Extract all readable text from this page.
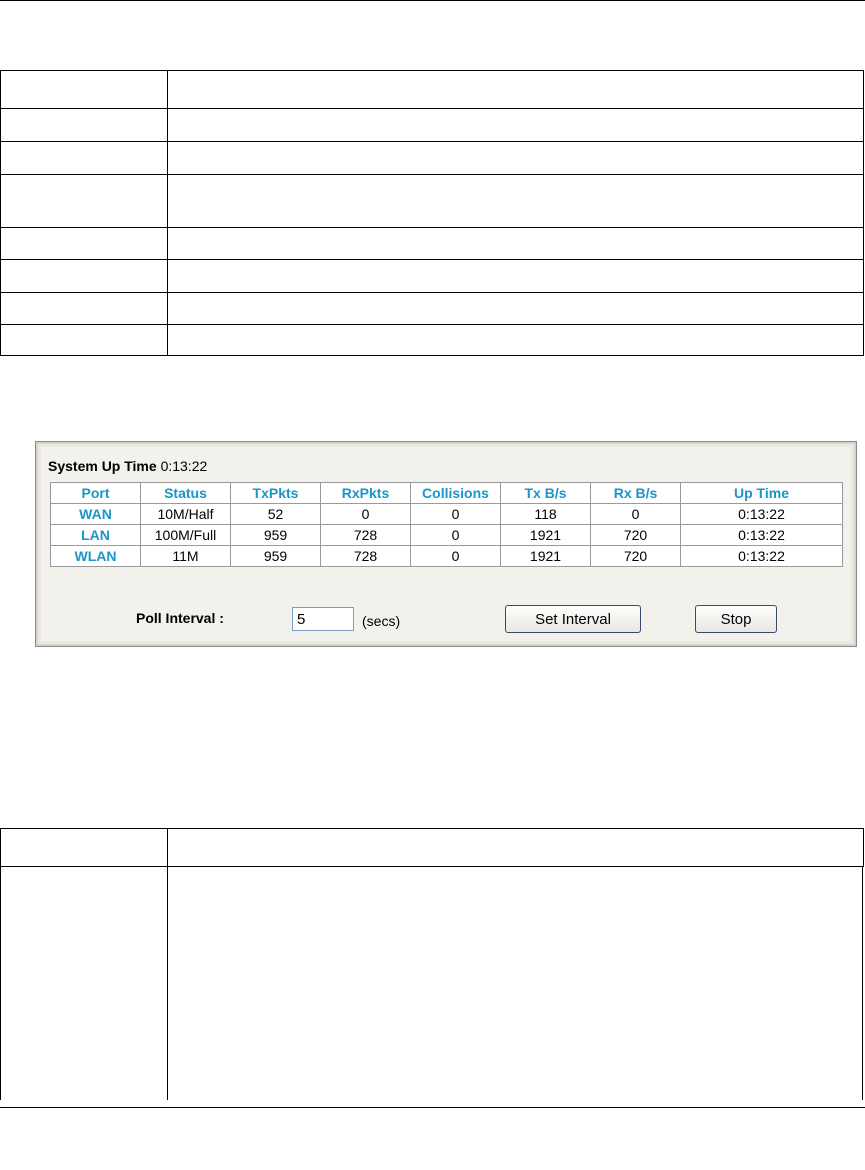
System Up Time 0:13:22
Port	Status	TxPkts	RxPkts	Collisions	Tx B/s	Rx B/s	Up Time
WAN	10M/Half	52	0	0	118	0	0:13:22
LAN	100M/Full	959	728	0	1921	720	0:13:22
WLAN	11M	959	728	0	1921	720	0:13:22
Poll Interval :
5	(secs)	Set Interval	Stop
